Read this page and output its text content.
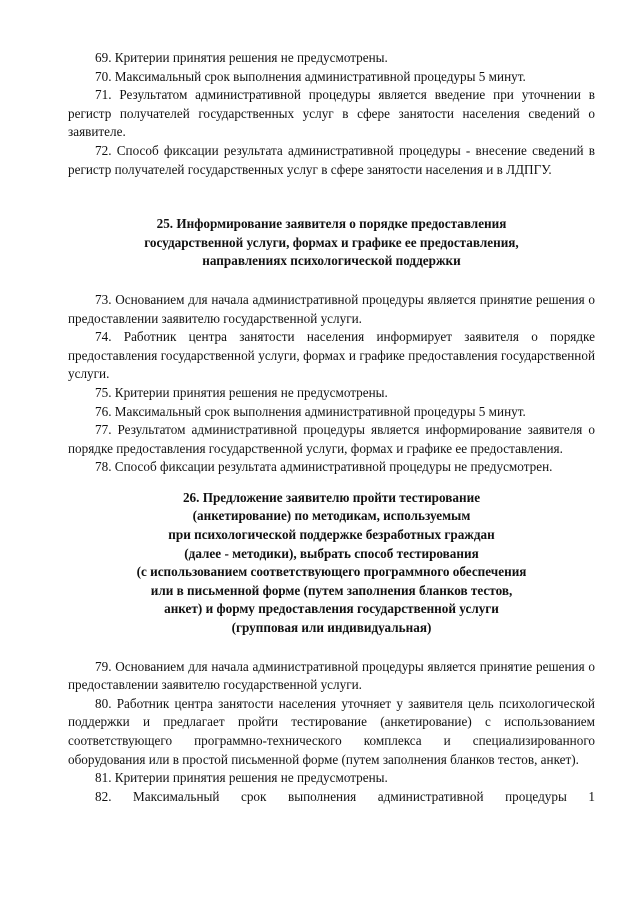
69. Критерии принятия решения не предусмотрены.

70. Максимальный срок выполнения административной процедуры 5 минут.

71. Результатом административной процедуры является введение при уточнении в регистр получателей государственных услуг в сфере занятости населения сведений о заявителе.

72. Способ фиксации результата административной процедуры - внесение сведений в регистр получателей государственных услуг в сфере занятости населения и в ЛДПГУ.

25. Информирование заявителя о порядке предоставления
государственной услуги, формах и графике ее предоставления,
направлениях психологической поддержки

73. Основанием для начала административной процедуры является принятие решения о предоставлении заявителю государственной услуги.

74. Работник центра занятости населения информирует заявителя о порядке предоставления государственной услуги, формах и графике предоставления государственной услуги.

75. Критерии принятия решения не предусмотрены.

76. Максимальный срок выполнения административной процедуры 5 минут.

77. Результатом административной процедуры является информирование заявителя о порядке предоставления государственной услуги, формах и графике ее предоставления.

78. Способ фиксации результата административной процедуры не предусмотрен.

26. Предложение заявителю пройти тестирование
(анкетирование) по методикам, используемым
при психологической поддержке безработных граждан
(далее - методики), выбрать способ тестирования
(с использованием соответствующего программного обеспечения
или в письменной форме (путем заполнения бланков тестов,
анкет) и форму предоставления государственной услуги
(групповая или индивидуальная)

79. Основанием для начала административной процедуры является принятие решения о предоставлении заявителю государственной услуги.

80. Работник центра занятости населения уточняет у заявителя цель психологической поддержки и предлагает пройти тестирование (анкетирование) с использованием соответствующего программно-технического комплекса и специализированного оборудования или в простой письменной форме (путем заполнения бланков тестов, анкет).

81. Критерии принятия решения не предусмотрены.

82. Максимальный срок выполнения административной процедуры 1
